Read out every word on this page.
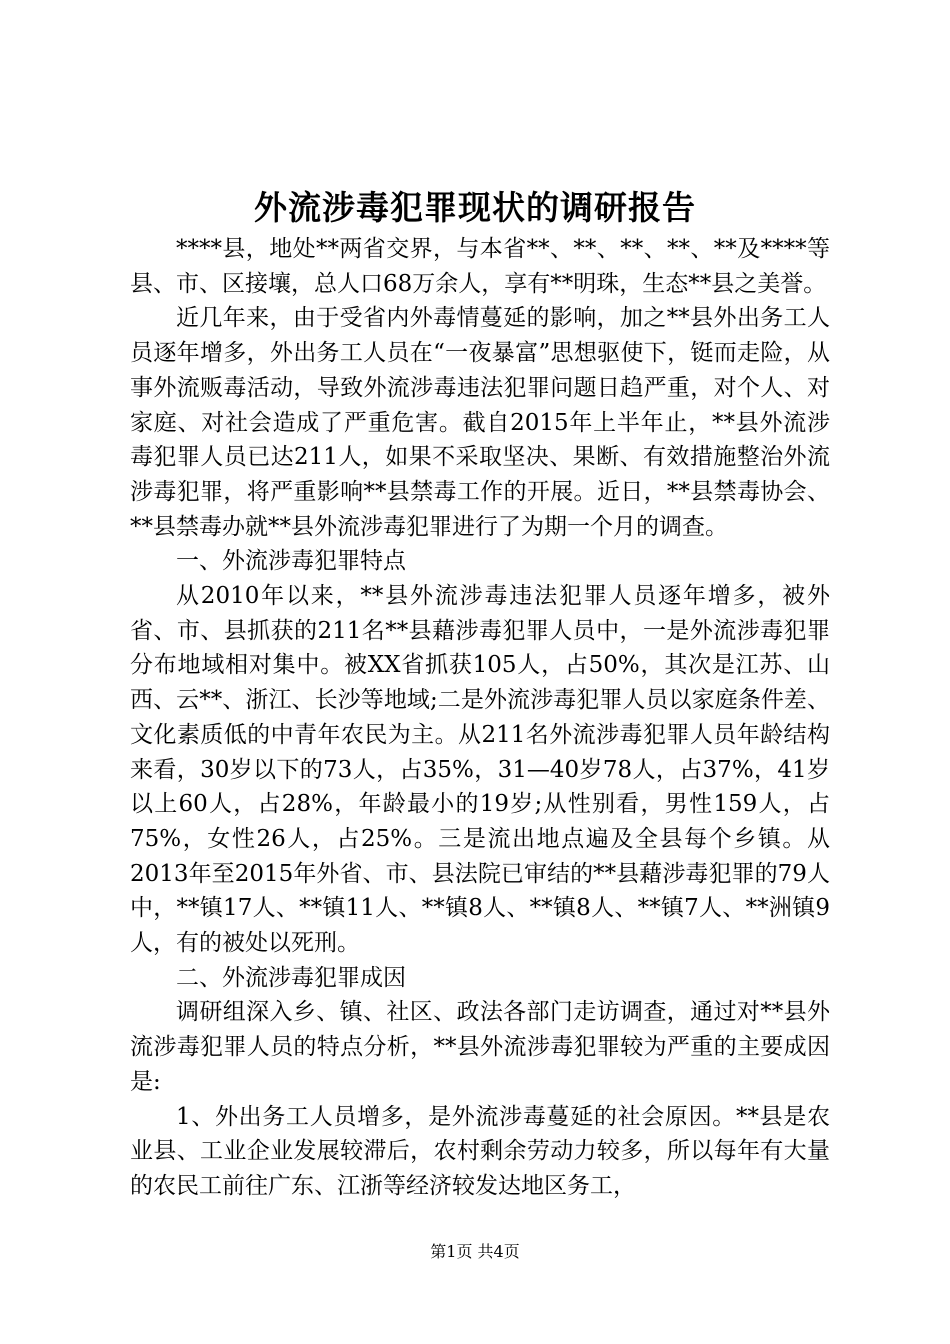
外流涉毒犯罪现状的调研报告

****县，地处**两省交界，与本省**、**、**、**、**及****等县、市、区接壤，总人口68万余人，享有**明珠，生态**县之美誉。

近几年来，由于受省内外毒情蔓延的影响，加之**县外出务工人员逐年增多，外出务工人员在“一夜暴富”思想驱使下，铤而走险，从事外流贩毒活动，导致外流涉毒违法犯罪问题日趋严重，对个人、对家庭、对社会造成了严重危害。截自2015年上半年止，**县外流涉毒犯罪人员已达211人，如果不采取坚决、果断、有效措施整治外流涉毒犯罪，将严重影响**县禁毒工作的开展。近日，**县禁毒协会、**县禁毒办就**县外流涉毒犯罪进行了为期一个月的调查。

一、外流涉毒犯罪特点

从2010年以来，**县外流涉毒违法犯罪人员逐年增多，被外省、市、县抓获的211名**县藉涉毒犯罪人员中，一是外流涉毒犯罪分布地域相对集中。被XX省抓获105人，占50%，其次是江苏、山西、云**、浙江、长沙等地域;二是外流涉毒犯罪人员以家庭条件差、文化素质低的中青年农民为主。从211名外流涉毒犯罪人员年龄结构来看，30岁以下的73人，占35%，31—40岁78人，占37%，41岁以上60人，占28%，年龄最小的19岁;从性别看，男性159人，占75%，女性26人，占25%。三是流出地点遍及全县每个乡镇。从2013年至2015年外省、市、县法院已审结的**县藉涉毒犯罪的79人中，**镇17人、**镇11人、**镇8人、**镇8人、**镇7人、**洲镇9人，有的被处以死刑。

二、外流涉毒犯罪成因

调研组深入乡、镇、社区、政法各部门走访调查，通过对**县外流涉毒犯罪人员的特点分析，**县外流涉毒犯罪较为严重的主要成因是:

1、外出务工人员增多，是外流涉毒蔓延的社会原因。**县是农业县、工业企业发展较滞后，农村剩余劳动力较多，所以每年有大量的农民工前往广东、江浙等经济较发达地区务工，

第1页 共4页
